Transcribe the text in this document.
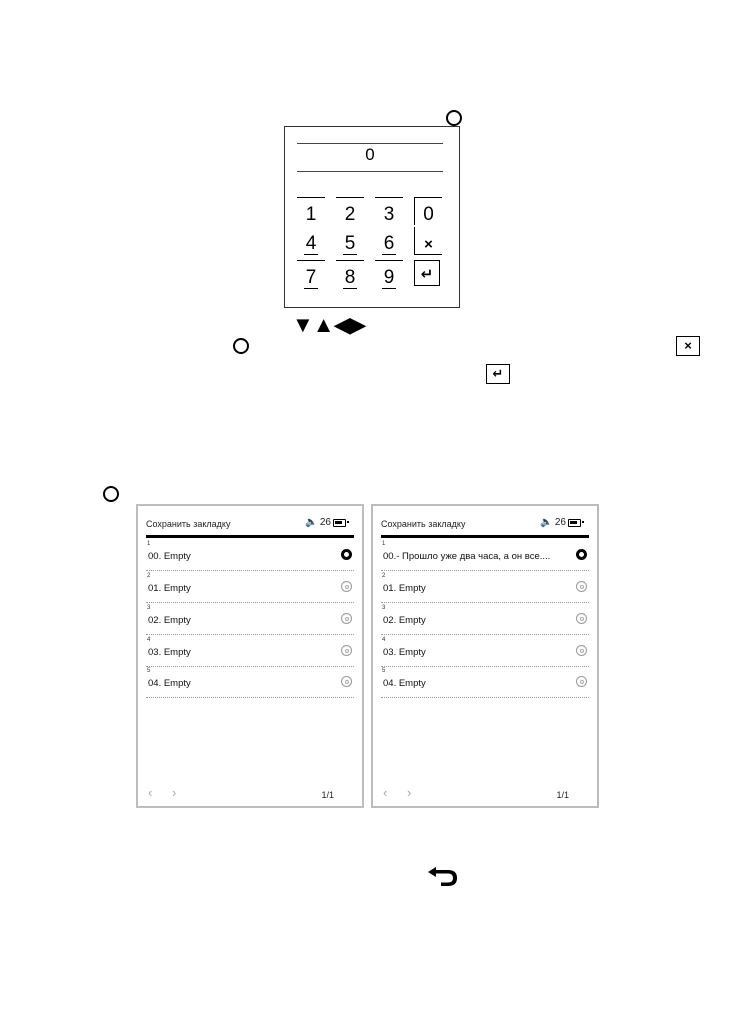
0
1	2	3	0
4	5	6	×
7	8	9	↵
▼▲◀▶
×
↵
Сохранить закладку	🔈 26
1
00. Empty
2
01. Empty
3
02. Empty
4
03. Empty
5
04. Empty
‹ ›	1/1
Сохранить закладку	🔈 26
1
00.- Прошло уже два часа, а он все....
2
01. Empty
3
02. Empty
4
03. Empty
5
04. Empty
‹ ›	1/1
